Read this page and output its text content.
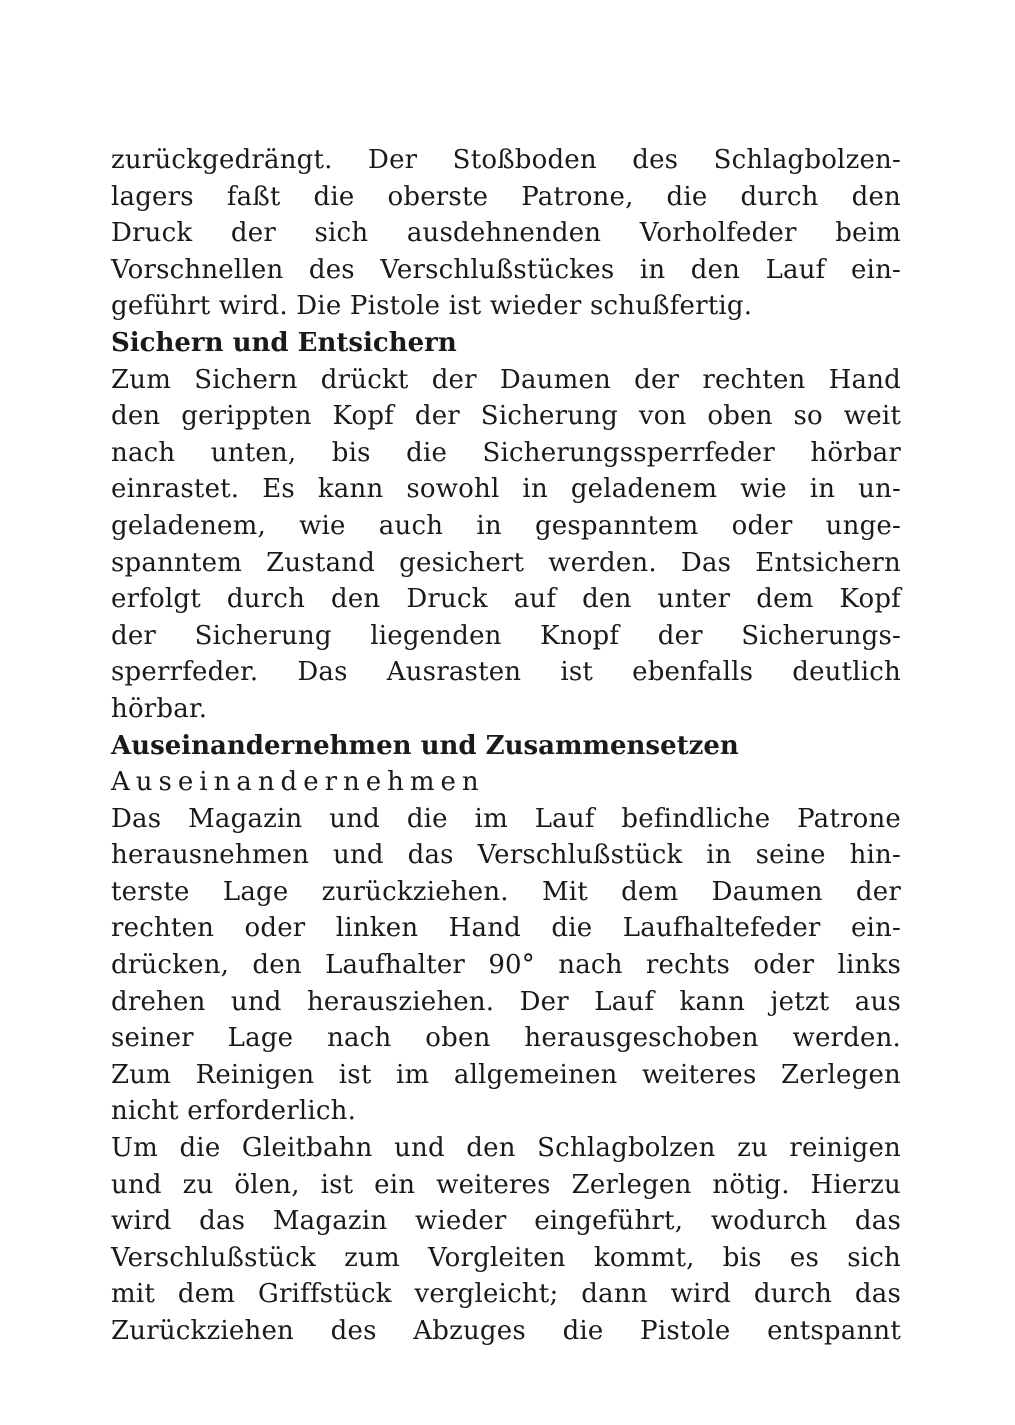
zurückgedrängt. Der Stoßboden des Schlagbolzen-
lagers faßt die oberste Patrone, die durch den
Druck der sich ausdehnenden Vorholfeder beim
Vorschnellen des Verschlußstückes in den Lauf ein-
geführt wird. Die Pistole ist wieder schußfertig.
Sichern und Entsichern
Zum Sichern drückt der Daumen der rechten Hand
den gerippten Kopf der Sicherung von oben so weit
nach unten, bis die Sicherungssperrfeder hörbar
einrastet. Es kann sowohl in geladenem wie in un-
geladenem, wie auch in gespanntem oder unge-
spanntem Zustand gesichert werden. Das Entsichern
erfolgt durch den Druck auf den unter dem Kopf
der Sicherung liegenden Knopf der Sicherungs-
sperrfeder. Das Ausrasten ist ebenfalls deutlich
hörbar.
Auseinandernehmen und Zusammensetzen
Auseinandernehmen
Das Magazin und die im Lauf befindliche Patrone
herausnehmen und das Verschlußstück in seine hin-
terste Lage zurückziehen. Mit dem Daumen der
rechten oder linken Hand die Laufhaltefeder ein-
drücken, den Laufhalter 90° nach rechts oder links
drehen und herausziehen. Der Lauf kann jetzt aus
seiner Lage nach oben herausgeschoben werden.
Zum Reinigen ist im allgemeinen weiteres Zerlegen
nicht erforderlich.
Um die Gleitbahn und den Schlagbolzen zu reinigen
und zu ölen, ist ein weiteres Zerlegen nötig. Hierzu
wird das Magazin wieder eingeführt, wodurch das
Verschlußstück zum Vorgleiten kommt, bis es sich
mit dem Griffstück vergleicht; dann wird durch das
Zurückziehen des Abzuges die Pistole entspannt
